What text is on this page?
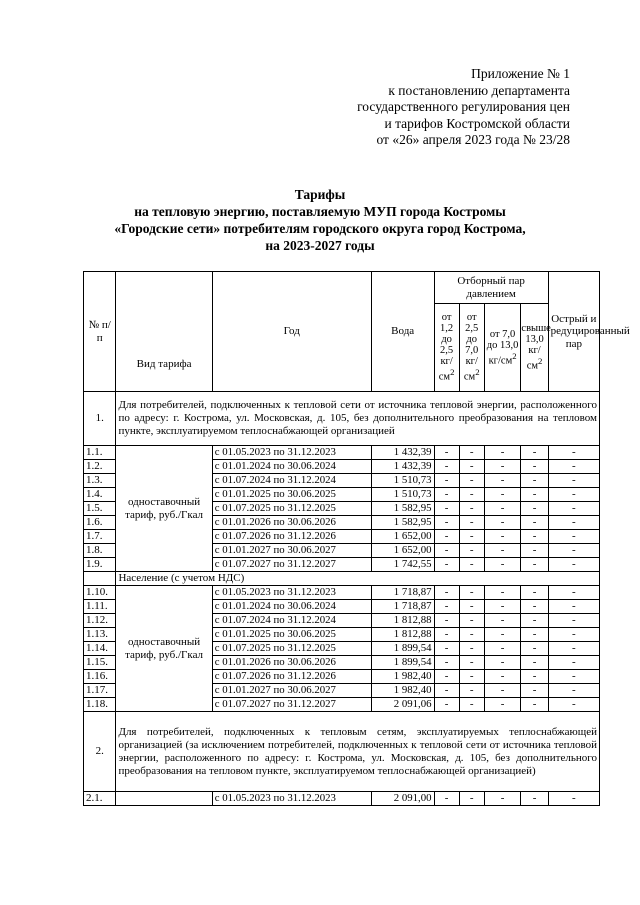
Приложение № 1
к постановлению департамента
государственного регулирования цен
и тарифов Костромской области
от «26» апреля 2023 года № 23/28
Тарифы
на тепловую энергию, поставляемую МУП города Костромы
«Городские сети» потребителям городского округа город Кострома,
на 2023-2027 годы
№ п/п		Год	Вода	Отборный пар давлением				Острый и редуцированный пар
	Вид тарифа			от 1,2 до 2,5 $кг/см^2$	от 2,5 до 7,0 $кг/см^2$	от 7,0 до 13,0 $кг/см^2$	свыше 13,0 $кг/см^2$
1.	Для потребителей, подключенных к тепловой сети от источника тепловой энергии, расположенного по адресу: г. Кострома, ул. Московская, д. 105, без дополнительного преобразования на тепловом пункте, эксплуатируемом теплоснабжающей организацией							
1.1.	одноставочный тариф, руб./Гкал	с 01.05.2023 по 31.12.2023	1 432,39	-	-	-	-	-
1.2.		с 01.01.2024 по 30.06.2024	1 432,39	-	-	-	-	-
1.3.		с 01.07.2024 по 31.12.2024	1 510,73	-	-	-	-	-
1.4.		с 01.01.2025 по 30.06.2025	1 510,73	-	-	-	-	-
1.5.		с 01.07.2025 по 31.12.2025	1 582,95	-	-	-	-	-
1.6.		с 01.01.2026 по 30.06.2026	1 582,95	-	-	-	-	-
1.7.		с 01.07.2026 по 31.12.2026	1 652,00	-	-	-	-	-
1.8.		с 01.01.2027 по 30.06.2027	1 652,00	-	-	-	-	-
1.9.		с 01.07.2027 по 31.12.2027	1 742,55	-	-	-	-	-
	Население (с учетом НДС)							
1.10.	одноставочный тариф, руб./Гкал	с 01.05.2023 по 31.12.2023	1 718,87	-	-	-	-	-
1.11.		с 01.01.2024 по 30.06.2024	1 718,87	-	-	-	-	-
1.12.		с 01.07.2024 по 31.12.2024	1 812,88	-	-	-	-	-
1.13.		с 01.01.2025 по 30.06.2025	1 812,88	-	-	-	-	-
1.14.		с 01.07.2025 по 31.12.2025	1 899,54	-	-	-	-	-
1.15.		с 01.01.2026 по 30.06.2026	1 899,54	-	-	-	-	-
1.16.		с 01.07.2026 по 31.12.2026	1 982,40	-	-	-	-	-
1.17.		с 01.01.2027 по 30.06.2027	1 982,40	-	-	-	-	-
1.18.		с 01.07.2027 по 31.12.2027	2 091,06	-	-	-	-	-
2.	Для потребителей, подключенных к тепловым сетям, эксплуатируемых теплоснабжающей организацией (за исключением потребителей, подключенных к тепловой сети от источника тепловой энергии, расположенного по адресу: г. Кострома, ул. Московская, д. 105, без дополнительного преобразования на тепловом пункте, эксплуатируемом теплоснабжающей организацией)							
2.1.		с 01.05.2023 по 31.12.2023	2 091,00	-	-	-	-	-
